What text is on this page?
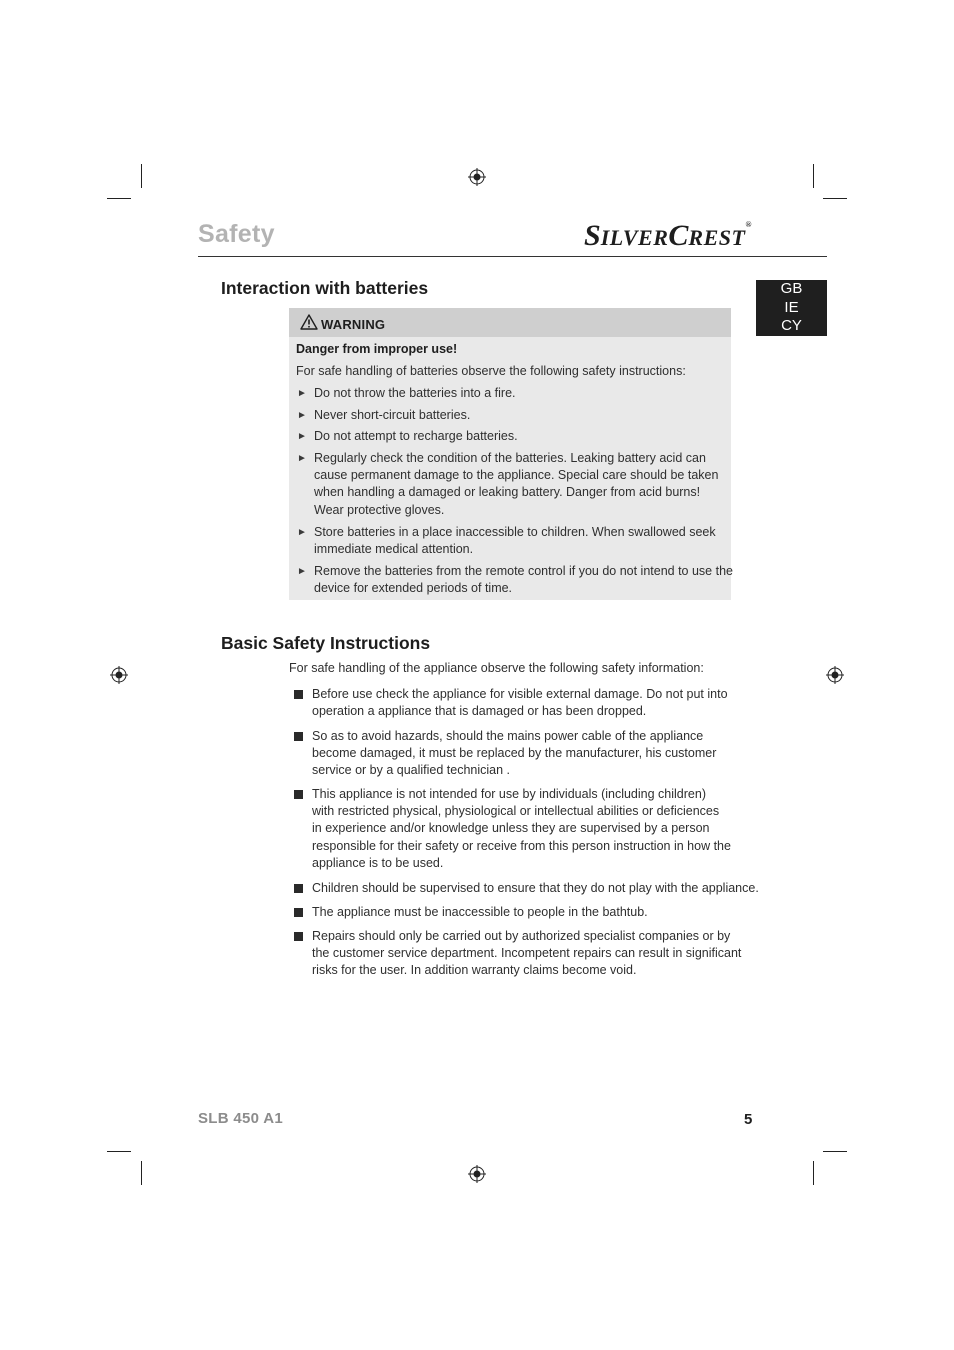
Safety	SILVERCREST®
GB
IE
CY
Interaction with batteries
WARNING
Danger from improper use!
For safe handling of batteries observe the following safety instructions:
► Do not throw the batteries into a fire.
► Never short-circuit batteries.
► Do not attempt to recharge batteries.
► Regularly check the condition of the batteries. Leaking battery acid can
cause permanent damage to the appliance. Special care should be taken
when handling a damaged or leaking battery. Danger from acid burns!
Wear protective gloves.
► Store batteries in a place inaccessible to children. When swallowed seek
immediate medical attention.
► Remove the batteries from the remote control if you do not intend to use the
device for extended periods of time.
Basic Safety Instructions
For safe handling of the appliance observe the following safety information:
Before use check the appliance for visible external damage. Do not put into
operation a appliance that is damaged or has been dropped.
So as to avoid hazards, should the mains power cable of the appliance
become damaged, it must be replaced by the manufacturer, his customer
service or by a qualified technician .
This appliance is not intended for use by individuals (including children)
with restricted physical, physiological or intellectual abilities or deficiences
in experience and/or knowledge unless they are supervised by a person
responsible for their safety or receive from this person instruction in how the
appliance is to be used.
Children should be supervised to ensure that they do not play with the appliance.
The appliance must be inaccessible to people in the bathtub.
Repairs should only be carried out by authorized specialist companies or by
the customer service department. Incompetent repairs can result in significant
risks for the user. In addition warranty claims become void.
SLB 450 A1	5
